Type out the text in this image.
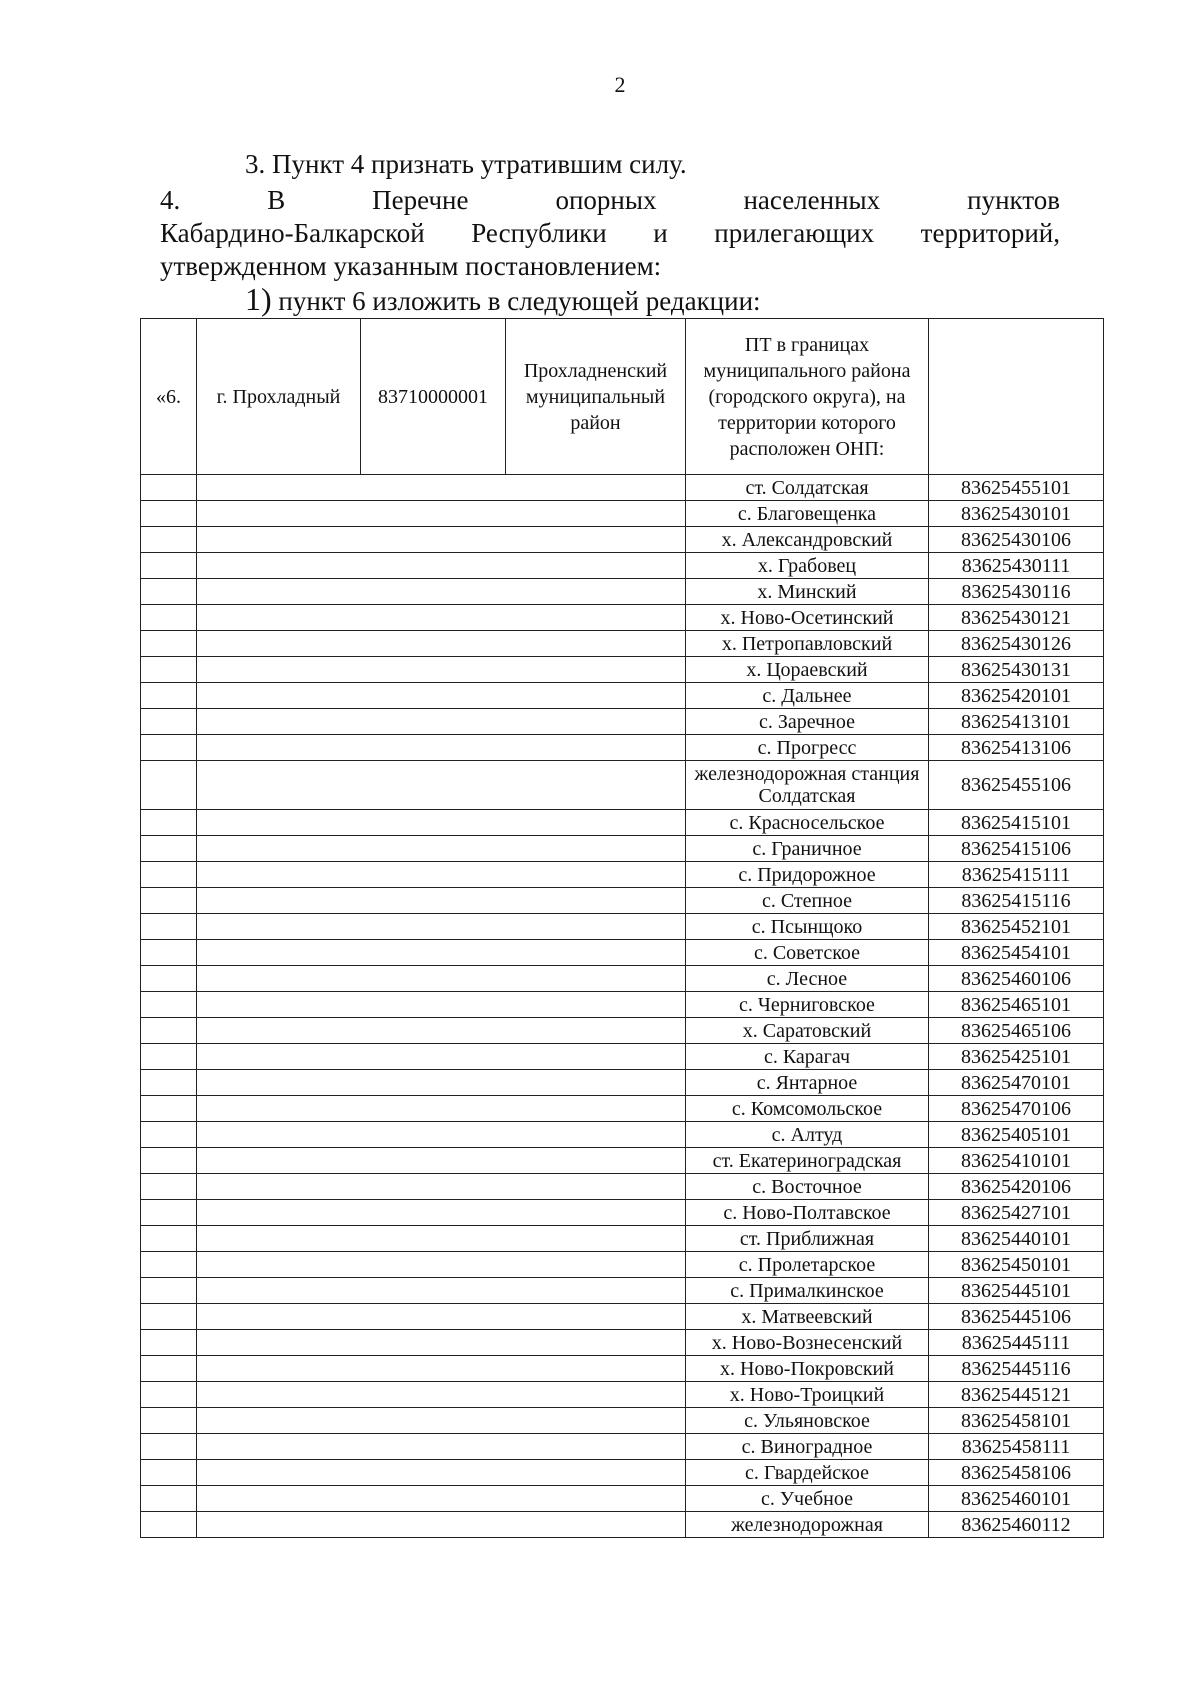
2

3. Пункт 4 признать утратившим силу.

4. В Перечне опорных населенных пунктов

Кабардино-Балкарской Республики и прилегающих территорий,

утвержденном указанным постановлением:

1) пункт 6 изложить в следующей редакции:

«6.	г. Прохладный	83710000001	Прохладненский муниципальный район	ПТ в границах муниципального района (городского округа), на территории которого расположен ОНП:	
				ст. Солдатская	83625455101
				с. Благовещенка	83625430101
				х. Александровский	83625430106
				х. Грабовец	83625430111
				х. Минский	83625430116
				х. Ново-Осетинский	83625430121
				х. Петропавловский	83625430126
				х. Цораевский	83625430131
				с. Дальнее	83625420101
				с. Заречное	83625413101
				с. Прогресс	83625413106
				железнодорожная станция Солдатская	83625455106
				с. Красносельское	83625415101
				с. Граничное	83625415106
				с. Придорожное	83625415111
				с. Степное	83625415116
				с. Псынщоко	83625452101
				с. Советское	83625454101
				с. Лесное	83625460106
				с. Черниговское	83625465101
				х. Саратовский	83625465106
				с. Карагач	83625425101
				с. Янтарное	83625470101
				с. Комсомольское	83625470106
				с. Алтуд	83625405101
				ст. Екатериноградская	83625410101
				с. Восточное	83625420106
				с. Ново-Полтавское	83625427101
				ст. Приближная	83625440101
				с. Пролетарское	83625450101
				с. Прималкинское	83625445101
				х. Матвеевский	83625445106
				х. Ново-Вознесенский	83625445111
				х. Ново-Покровский	83625445116
				х. Ново-Троицкий	83625445121
				с. Ульяновское	83625458101
				с. Виноградное	83625458111
				с. Гвардейское	83625458106
				с. Учебное	83625460101
				железнодорожная	83625460112
